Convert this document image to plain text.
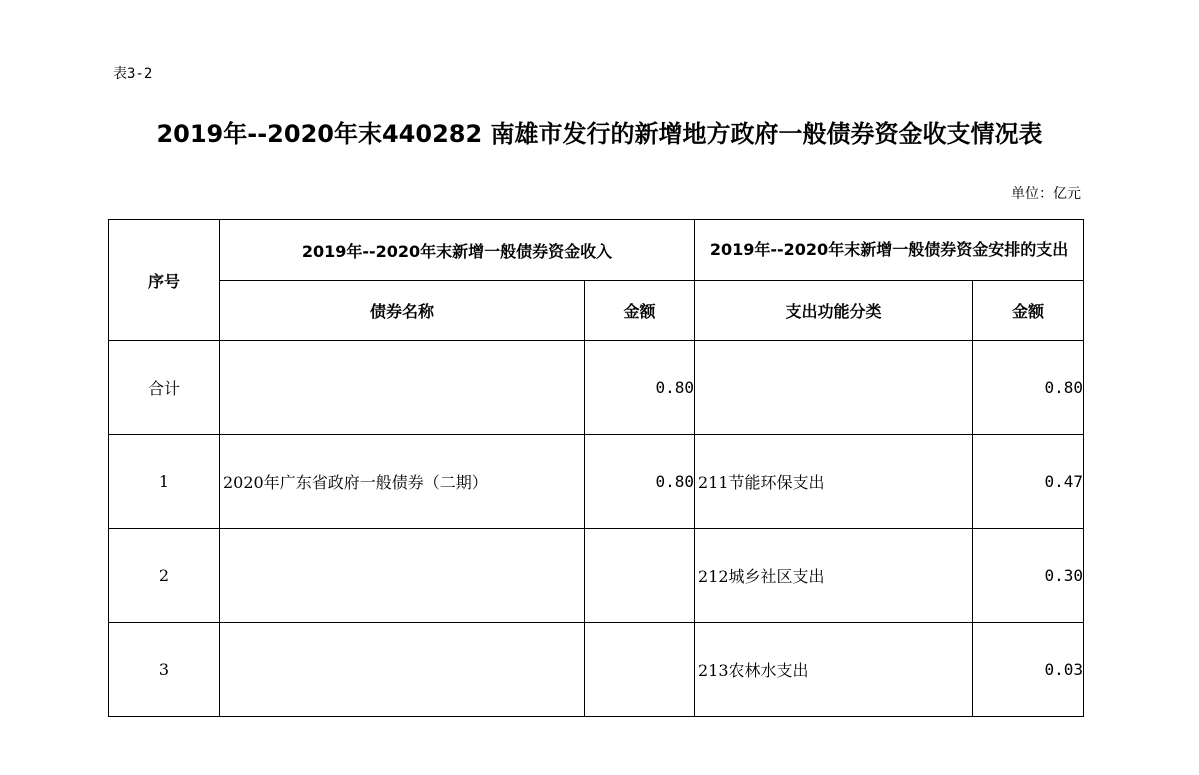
表3-2
2019年--2020年末440282 南雄市发行的新增地方政府一般债券资金收支情况表
单位：亿元
序号	2019年--2020年末新增一般债券资金收入		2019年--2020年末新增一般债券资金安排的支出	
	债券名称	金额	支出功能分类	金额
合计		0.80		0.80
1	2020年广东省政府一般债券（二期）	0.80	211节能环保支出	0.47
2			212城乡社区支出	0.30
3			213农林水支出	0.03
